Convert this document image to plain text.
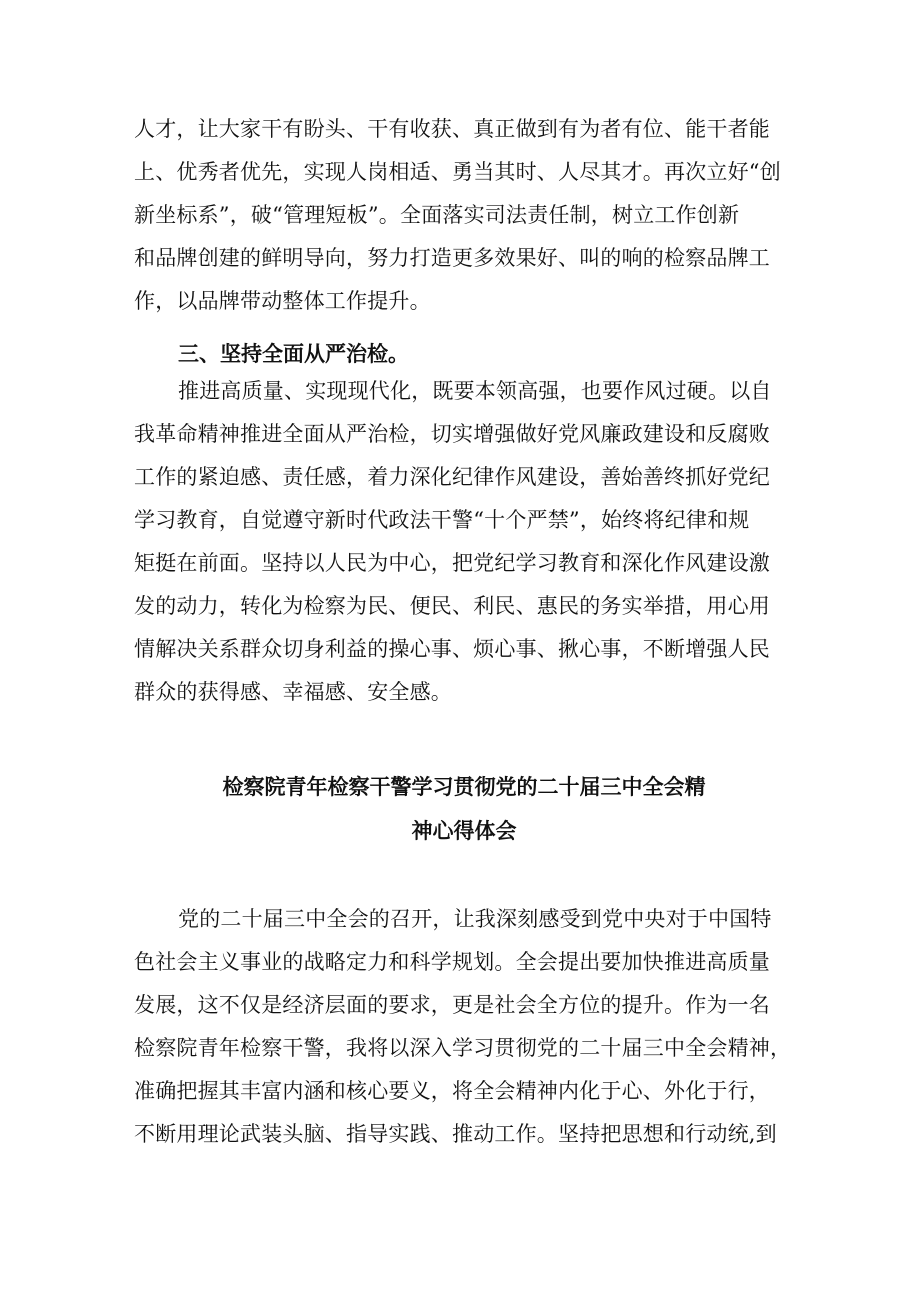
人才，让大家干有盼头、干有收获、真正做到有为者有位、能干者能
上、优秀者优先，实现人岗相适、勇当其时、人尽其才。再次立好“创
新坐标系”，破“管理短板”。全面落实司法责任制，树立工作创新
和品牌创建的鲜明导向，努力打造更多效果好、叫的响的检察品牌工
作，以品牌带动整体工作提升。
三、坚持全面从严治检。
推进高质量、实现现代化，既要本领高强，也要作风过硬。以自
我革命精神推进全面从严治检，切实增强做好党风廉政建设和反腐败
工作的紧迫感、责任感，着力深化纪律作风建设，善始善终抓好党纪
学习教育，自觉遵守新时代政法干警“十个严禁”，始终将纪律和规
矩挺在前面。坚持以人民为中心，把党纪学习教育和深化作风建设激
发的动力，转化为检察为民、便民、利民、惠民的务实举措，用心用
情解决关系群众切身利益的操心事、烦心事、揪心事，不断增强人民
群众的获得感、幸福感、安全感。
检察院青年检察干警学习贯彻党的二十届三中全会精
神心得体会
党的二十届三中全会的召开，让我深刻感受到党中央对于中国特
色社会主义事业的战略定力和科学规划。全会提出要加快推进高质量
发展，这不仅是经济层面的要求，更是社会全方位的提升。作为一名
检察院青年检察干警，我将以深入学习贯彻党的二十届三中全会精神，
准确把握其丰富内涵和核心要义，将全会精神内化于心、外化于行，
不断用理论武装头脑、指导实践、推动工作。坚持把思想和行动统,到
